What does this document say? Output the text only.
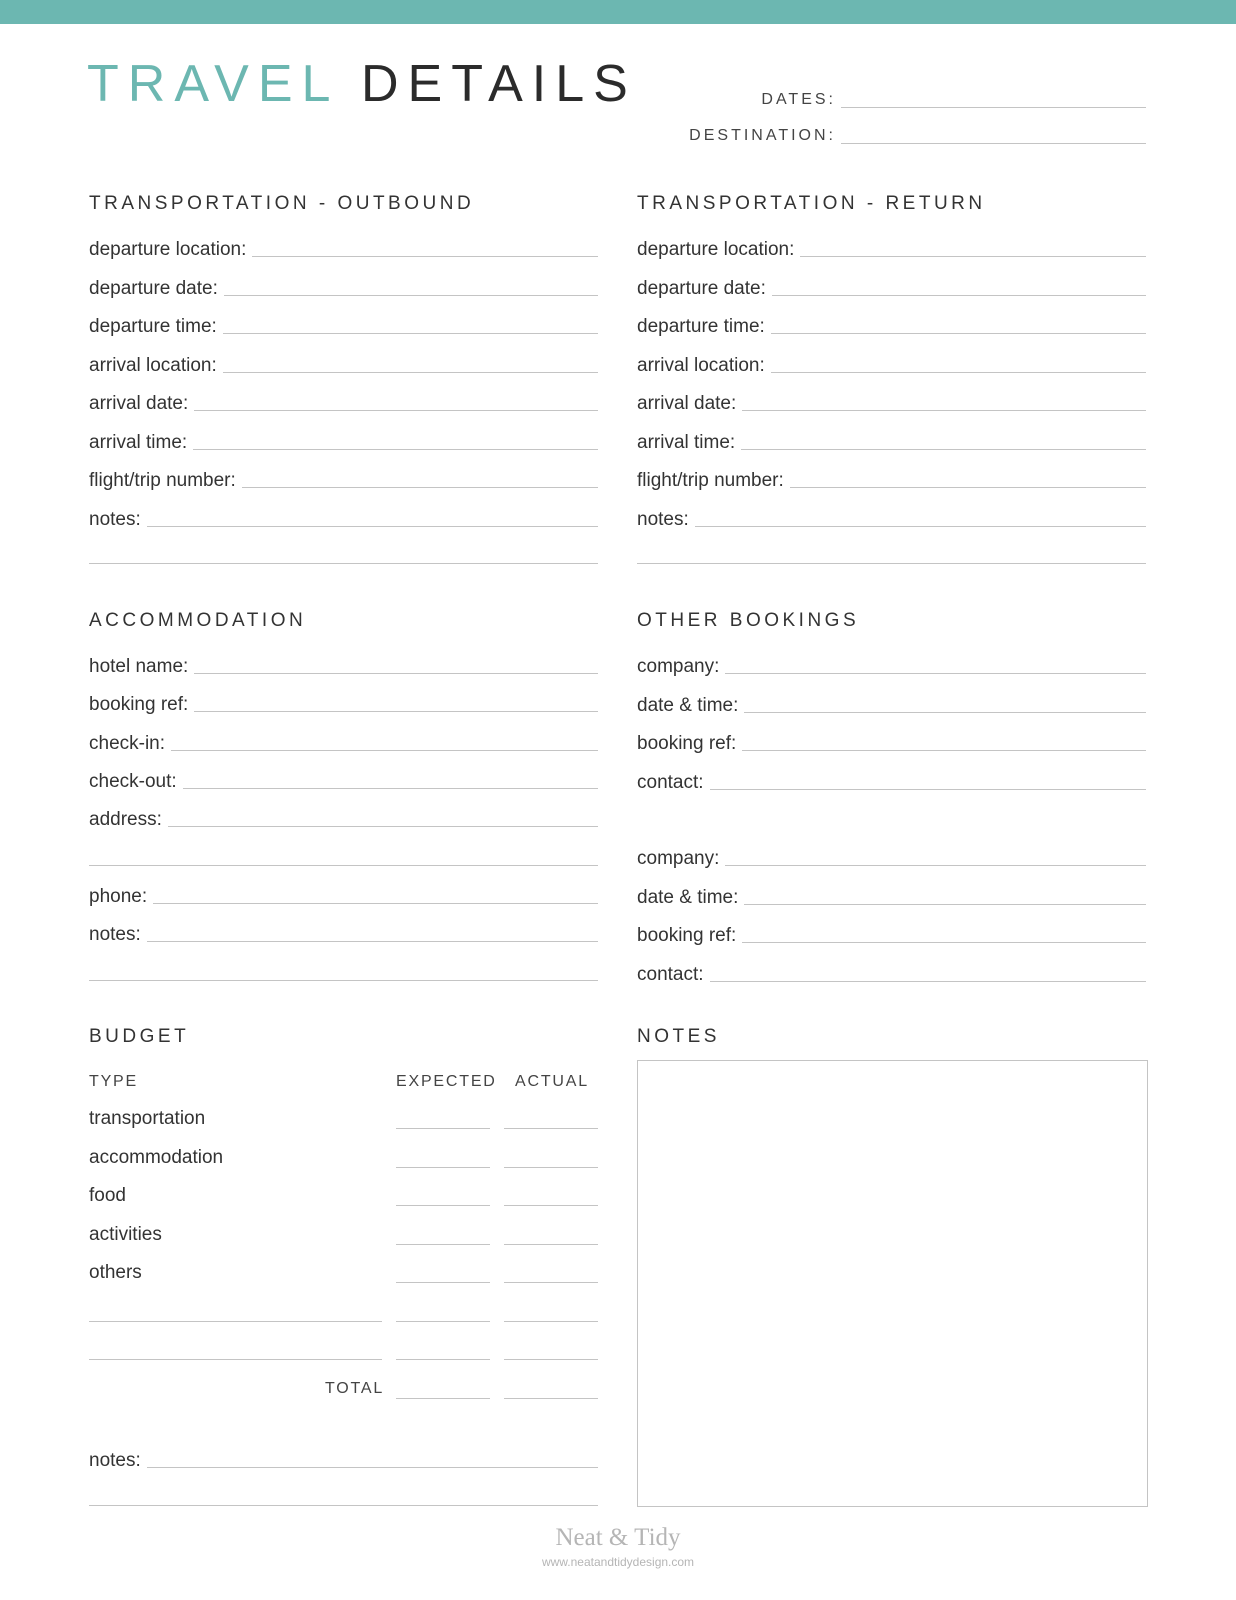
TRAVEL DETAILS	DATES:
DESTINATION:
TRANSPORTATION - OUTBOUND
departure location:
departure date:
departure time:
arrival location:
arrival date:
arrival time:
flight/trip number:
notes:
TRANSPORTATION - RETURN
departure location:
departure date:
departure time:
arrival location:
arrival date:
arrival time:
flight/trip number:
notes:
ACCOMMODATION
hotel name:
booking ref:
check-in:
check-out:
address:
phone:
notes:
OTHER BOOKINGS
company:
date & time:
booking ref:
contact:
company:
date & time:
booking ref:
contact:
BUDGET
TYPE	EXPECTED ACTUAL
transportation
accommodation
food
activities
others
TOTAL
notes:
NOTES
Neat & Tidy
www.neatandtidydesign.com
